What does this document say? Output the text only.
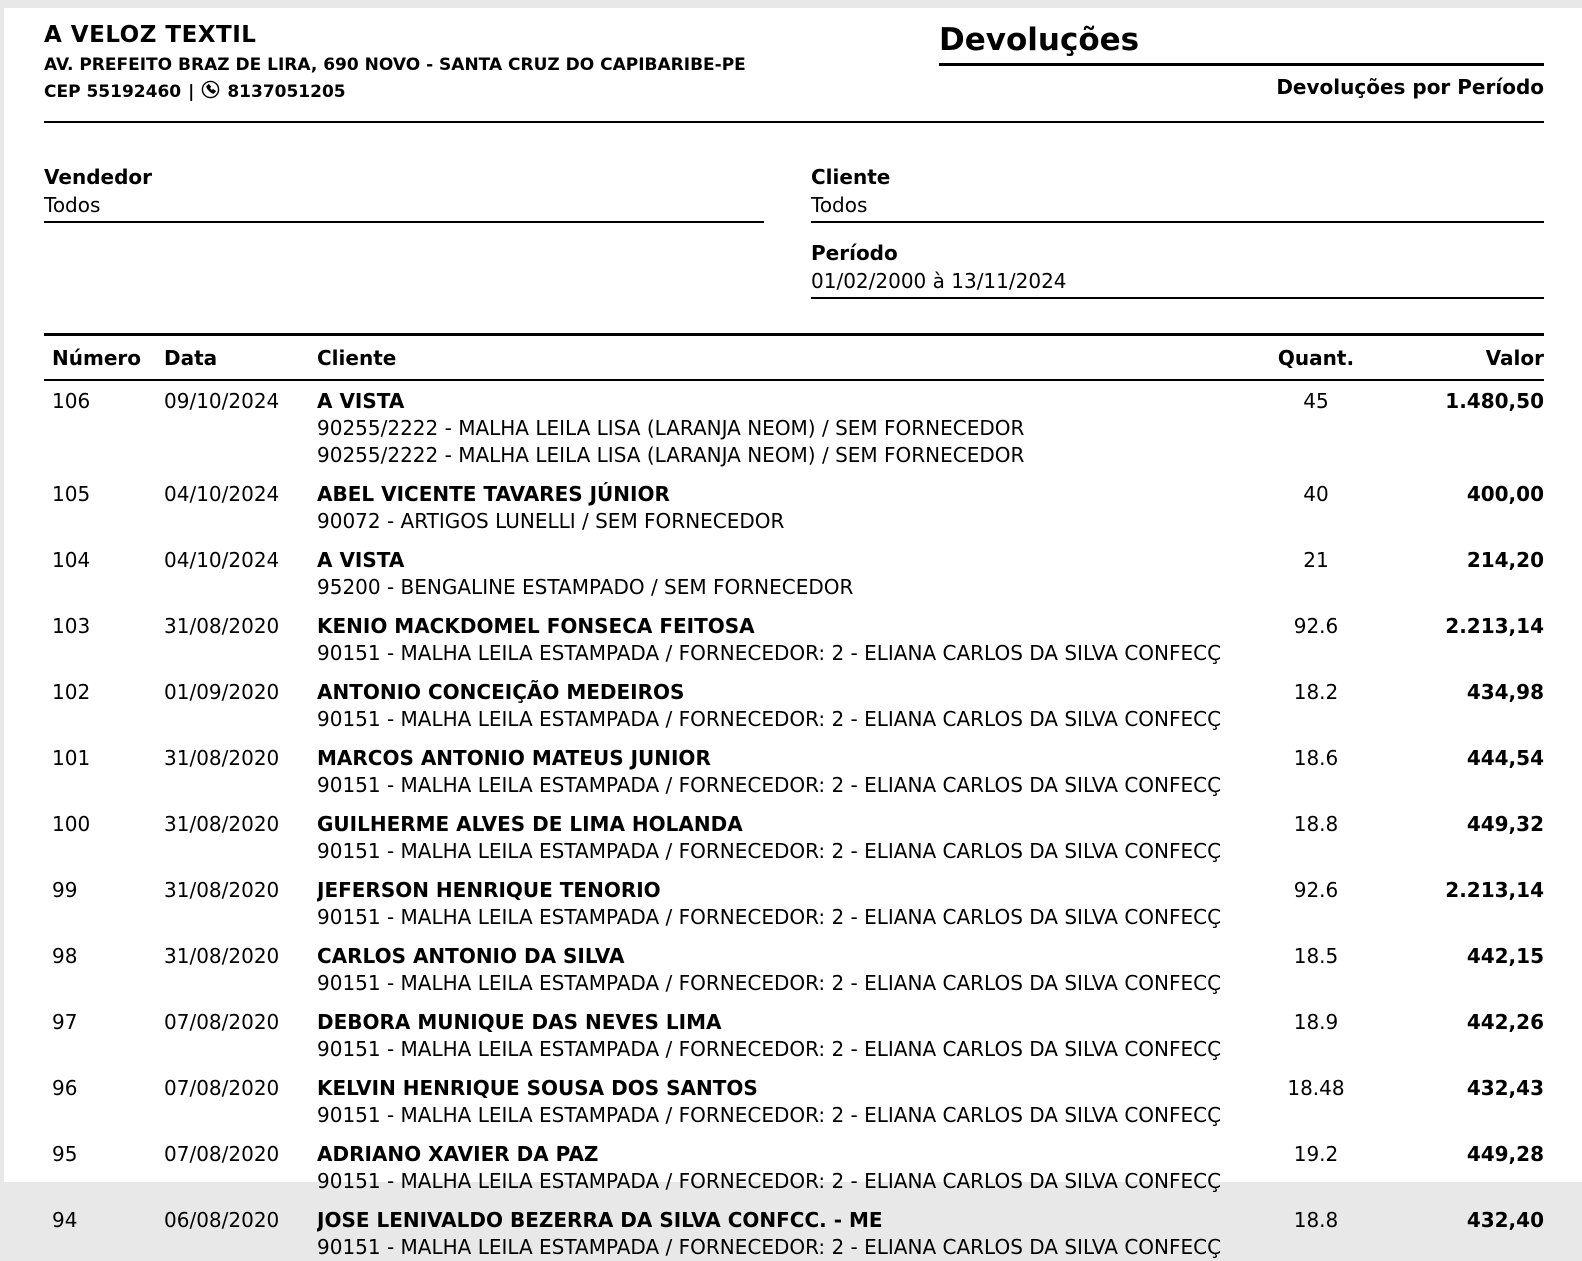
A VELOZ TEXTIL
AV. PREFEITO BRAZ DE LIRA, 690 NOVO - SANTA CRUZ DO CAPIBARIBE-PE
CEP 55192460 | 8137051205
Devoluções
Devoluções por Período
Vendedor
Todos
Cliente
Todos
Período
01/02/2000 à 13/11/2024
Número	Data	Cliente	Quant.	Valor
106	09/10/2024	A VISTA	45	1.480,50
90255/2222 - MALHA LEILA LISA (LARANJA NEOM) / SEM FORNECEDOR
90255/2222 - MALHA LEILA LISA (LARANJA NEOM) / SEM FORNECEDOR
105	04/10/2024	ABEL VICENTE TAVARES JÚNIOR	40	400,00
90072 - ARTIGOS LUNELLI / SEM FORNECEDOR
104	04/10/2024	A VISTA	21	214,20
95200 - BENGALINE ESTAMPADO / SEM FORNECEDOR
103	31/08/2020	KENIO MACKDOMEL FONSECA FEITOSA	92.6	2.213,14
90151 - MALHA LEILA ESTAMPADA / FORNECEDOR: 2 - ELIANA CARLOS DA SILVA CONFECÇ
102	01/09/2020	ANTONIO CONCEIÇÃO MEDEIROS	18.2	434,98
90151 - MALHA LEILA ESTAMPADA / FORNECEDOR: 2 - ELIANA CARLOS DA SILVA CONFECÇ
101	31/08/2020	MARCOS ANTONIO MATEUS JUNIOR	18.6	444,54
90151 - MALHA LEILA ESTAMPADA / FORNECEDOR: 2 - ELIANA CARLOS DA SILVA CONFECÇ
100	31/08/2020	GUILHERME ALVES DE LIMA HOLANDA	18.8	449,32
90151 - MALHA LEILA ESTAMPADA / FORNECEDOR: 2 - ELIANA CARLOS DA SILVA CONFECÇ
99	31/08/2020	JEFERSON HENRIQUE TENORIO	92.6	2.213,14
90151 - MALHA LEILA ESTAMPADA / FORNECEDOR: 2 - ELIANA CARLOS DA SILVA CONFECÇ
98	31/08/2020	CARLOS ANTONIO DA SILVA	18.5	442,15
90151 - MALHA LEILA ESTAMPADA / FORNECEDOR: 2 - ELIANA CARLOS DA SILVA CONFECÇ
97	07/08/2020	DEBORA MUNIQUE DAS NEVES LIMA	18.9	442,26
90151 - MALHA LEILA ESTAMPADA / FORNECEDOR: 2 - ELIANA CARLOS DA SILVA CONFECÇ
96	07/08/2020	KELVIN HENRIQUE SOUSA DOS SANTOS	18.48	432,43
90151 - MALHA LEILA ESTAMPADA / FORNECEDOR: 2 - ELIANA CARLOS DA SILVA CONFECÇ
95	07/08/2020	ADRIANO XAVIER DA PAZ	19.2	449,28
90151 - MALHA LEILA ESTAMPADA / FORNECEDOR: 2 - ELIANA CARLOS DA SILVA CONFECÇ
94	06/08/2020	JOSE LENIVALDO BEZERRA DA SILVA CONFCC. - ME	18.8	432,40
90151 - MALHA LEILA ESTAMPADA / FORNECEDOR: 2 - ELIANA CARLOS DA SILVA CONFECÇ
